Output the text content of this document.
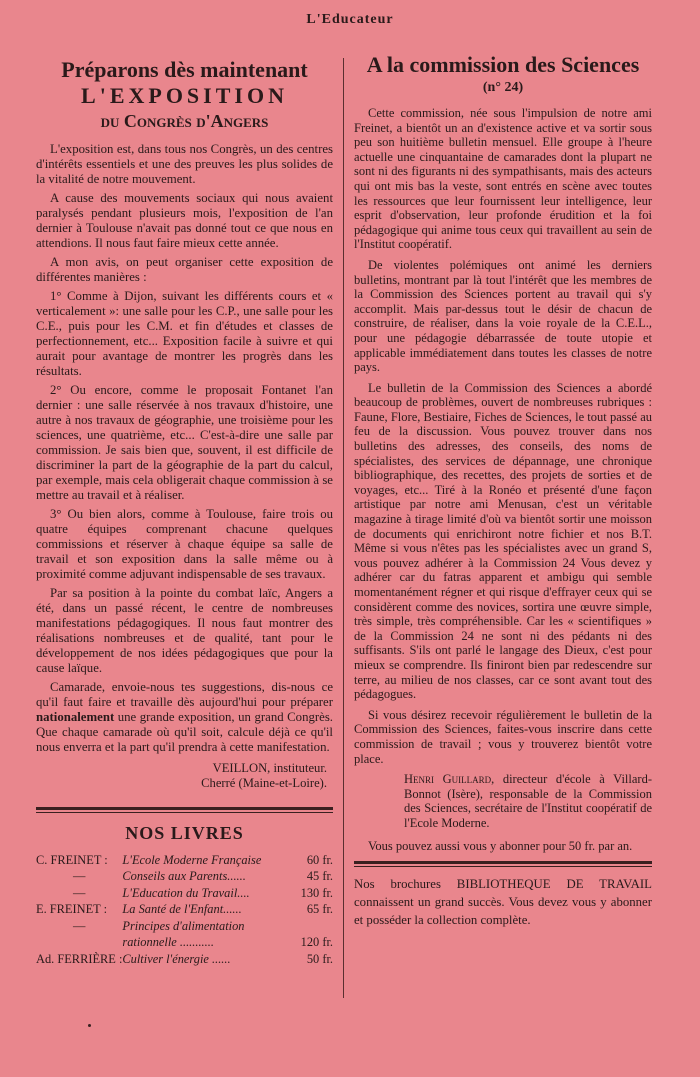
L'Educateur
Préparons dès maintenant
L'EXPOSITION
du Congrès d'Angers

L'exposition est, dans tous nos Congrès, un des centres d'intérêts essentiels et une des preuves les plus solides de la vitalité de notre mouvement.

A cause des mouvements sociaux qui nous avaient paralysés pendant plusieurs mois, l'exposition de l'an dernier à Toulouse n'avait pas donné tout ce que nous en attendions. Il nous faut faire mieux cette année.

A mon avis, on peut organiser cette exposition de différentes manières :

1° Comme à Dijon, suivant les différents cours et « verticalement »: une salle pour les C.P., une salle pour les C.E., puis pour les C.M. et fin d'études et classes de perfectionnement, etc... Exposition facile à suivre et qui aurait pour avantage de montrer les progrès dans les résultats.

2° Ou encore, comme le proposait Fontanet l'an dernier : une salle réservée à nos travaux d'histoire, une autre à nos travaux de géographie, une troisième pour les sciences, une quatrième, etc... C'est-à-dire une salle par commission. Je sais bien que, souvent, il est difficile de discriminer la part de la géographie de la part du calcul, par exemple, mais cela obligerait chaque commission à se mettre au travail et à réaliser.

3° Ou bien alors, comme à Toulouse, faire trois ou quatre équipes comprenant chacune quelques commissions et réserver à chaque équipe sa salle de travail et son exposition dans la salle même ou à proximité comme adjuvant indispensable de ses travaux.

Par sa position à la pointe du combat laïc, Angers a été, dans un passé récent, le centre de nombreuses manifestations pédagogiques. Il nous faut montrer des réalisations nombreuses et de qualité, tant pour le développement de nos idées pédagogiques que pour la cause laïque.

Camarade, envoie-nous tes suggestions, dis-nous ce qu'il faut faire et travaille dès aujourd'hui pour préparer nationalement une grande exposition, un grand Congrès. Que chaque camarade où qu'il soit, calcule déjà ce qu'il nous enverra et la part qu'il prendra à cette manifestation.

VEILLON, instituteur.
Cherré (Maine-et-Loire).
NOS LIVRES
C. FREINET :	L'Ecole Moderne Française	60 fr.
—	Conseils aux Parents......	45 fr.
—	L'Education du Travail....	130 fr.
E. FREINET :	La Santé de l'Enfant......	65 fr.
—	Principes d'alimentation rationnelle ...........	120 fr.
Ad. FERRIÈRE :	Cultiver l'énergie ......	50 fr.
A la commission des Sciences
(n° 24)

Cette commission, née sous l'impulsion de notre ami Freinet, a bientôt un an d'existence active et va sortir sous peu son huitième bulletin mensuel. Elle groupe à l'heure actuelle une cinquantaine de camarades dont la plupart ne sont ni des figurants ni des sympathisants, mais des acteurs qui ont mis bas la veste, sont entrés en scène avec toutes les ressources que leur fournissent leur intelligence, leur esprit d'observation, leur profonde érudition et la foi pédagogique qui anime tous ceux qui travaillent au sein de l'Institut coopératif.

De violentes polémiques ont animé les derniers bulletins, montrant par là tout l'intérêt que les membres de la Commission des Sciences portent au travail qui s'y accomplit. Mais par-dessus tout le désir de chacun de construire, de réaliser, dans la voie royale de la C.E.L., pour une pédagogie débarrassée de toute utopie et applicable immédiatement dans toutes les classes de notre pays.

Le bulletin de la Commission des Sciences a abordé beaucoup de problèmes, ouvert de nombreuses rubriques : Faune, Flore, Bestiaire, Fiches de Sciences, le tout passé au feu de la discussion. Vous pouvez trouver dans nos bulletins des adresses, des conseils, des noms de spécialistes, des services de dépannage, une chronique bibliographique, des recettes, des projets de sorties et de voyages, etc... Tiré à la Ronéo et présenté d'une façon artistique par notre ami Menusan, c'est un véritable magazine à tirage limité d'où va bientôt sortir une moisson de documents qui enrichiront notre fichier et nos B.T. Même si vous n'êtes pas les spécialistes avec un grand S, vous pouvez adhérer à la Commission 24 Vous devez y adhérer car du fatras apparent et ambigu qui semble momentanément régner et qui risque d'effrayer ceux qui se considèrent comme des novices, sortira une œuvre simple, très simple, très compréhensible. Car les « scientifiques » de la Commission 24 ne sont ni des pédants ni des suffisants. S'ils ont parlé le langage des Dieux, c'est pour mieux se comprendre. Ils finiront bien par redescendre sur terre, au milieu de nos classes, car ce sont avant tout des pédagogues.

Si vous désirez recevoir régulièrement le bulletin de la Commission des Sciences, faites-vous inscrire dans cette commission de travail ; vous y trouverez bientôt votre place.

Henri Guillard, directeur d'école à Villard-Bonnot (Isère), responsable de la Commission des Sciences, secrétaire de l'Institut coopératif de l'Ecole Moderne.

Vous pouvez aussi vous y abonner pour 50 fr. par an.

Nos brochures BIBLIOTHEQUE DE TRAVAIL connaissent un grand succès. Vous devez vous y abonner et posséder la collection complète.
